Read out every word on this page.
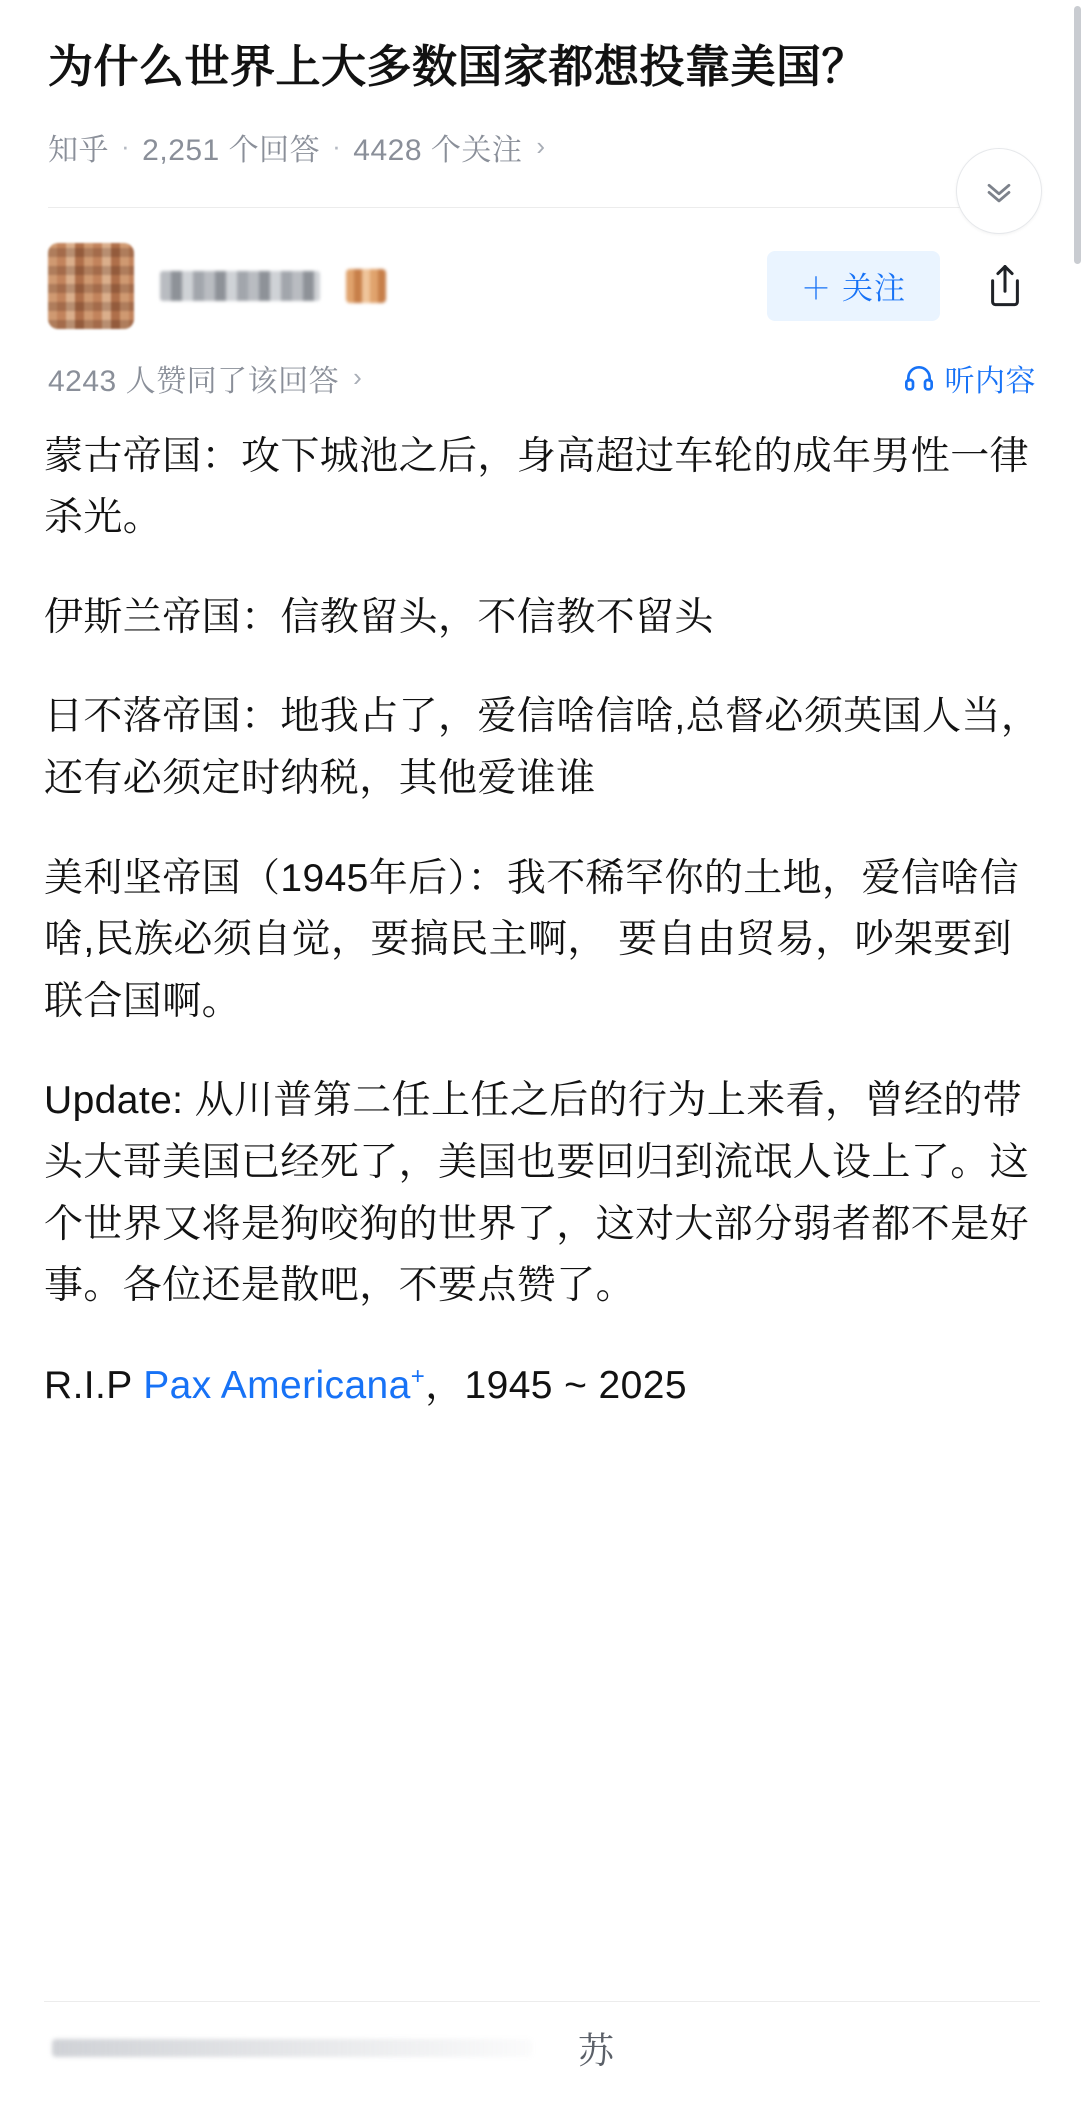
为什么世界上大多数国家都想投靠美国？
知乎 · 2,251 个回答 · 4428 个关注 ›
＋ 关注
4243 人赞同了该回答 ›	听内容

蒙古帝国：攻下城池之后，身高超过车轮的成年男性一律杀光。

伊斯兰帝国：信教留头，不信教不留头

日不落帝国：地我占了，爱信啥信啥,总督必须英国人当，还有必须定时纳税，其他爱谁谁

美利坚帝国（1945年后）：我不稀罕你的土地，爱信啥信啥,民族必须自觉，要搞民主啊， 要自由贸易，吵架要到联合国啊。

Update: 从川普第二任上任之后的行为上来看，曾经的带头大哥美国已经死了，美国也要回归到流氓人设上了。这个世界又将是狗咬狗的世界了，这对大部分弱者都不是好事。各位还是散吧，不要点赞了。

R.I.P Pax Americana+，1945 ~ 2025

苏
